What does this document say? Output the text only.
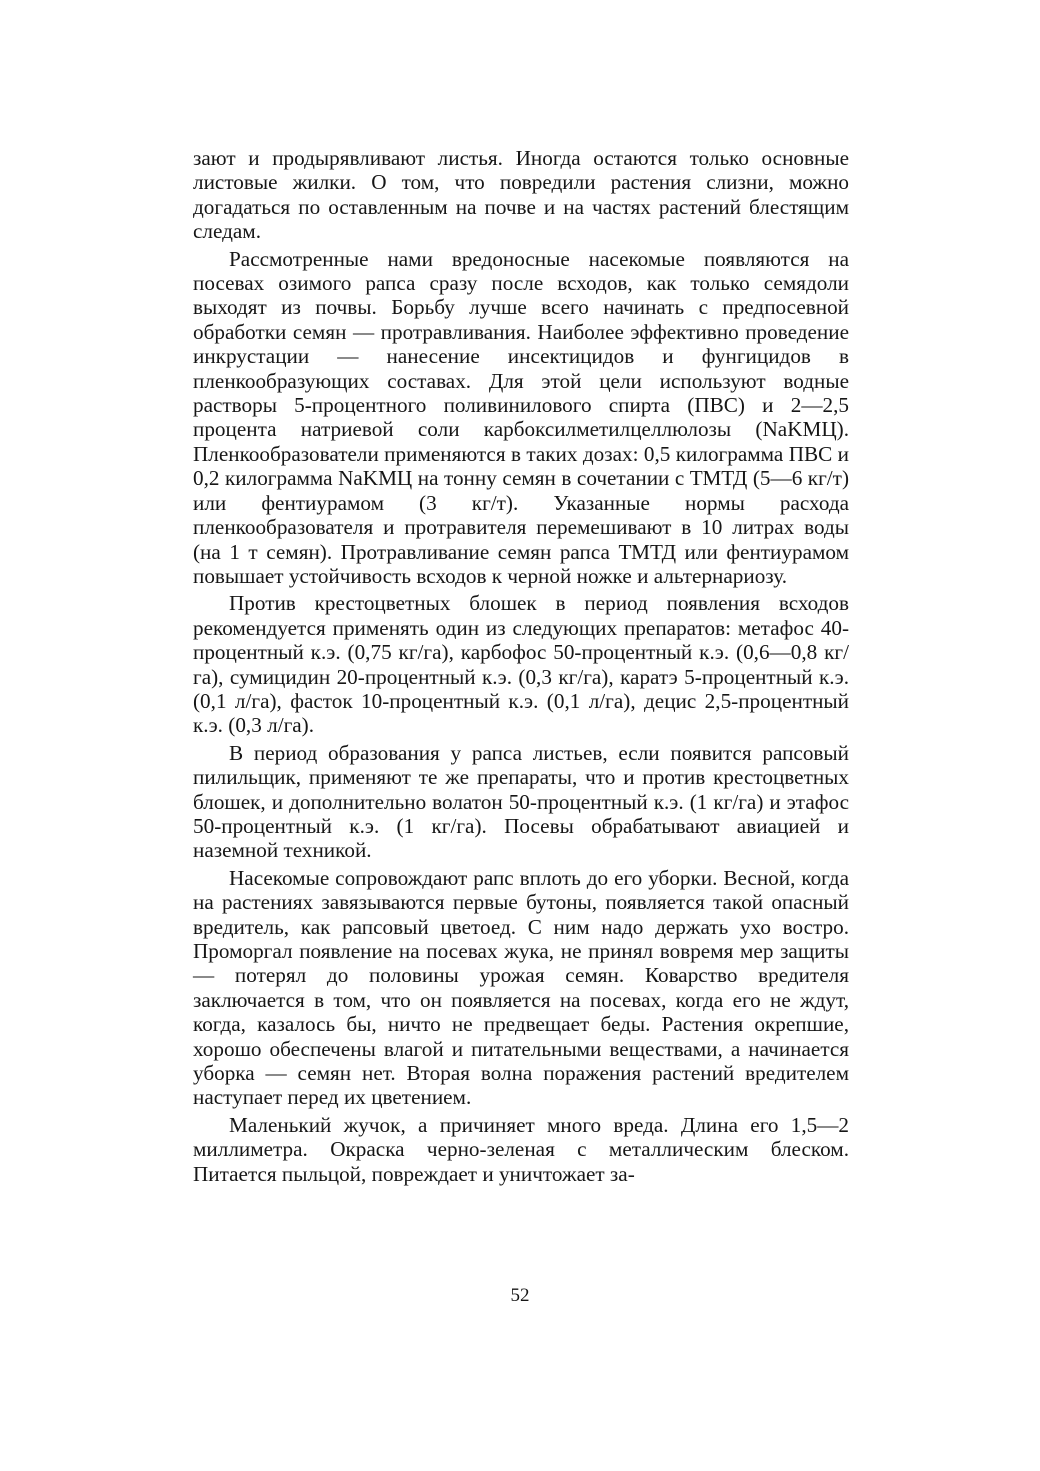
зают и продырявливают листья. Иногда остаются только основные листовые жилки. О том, что повредили растения слизни, можно догадаться по оставленным на почве и на частях растений блестящим следам.

Рассмотренные нами вредоносные насекомые появляются на посевах озимого рапса сразу после всходов, как только семядоли выходят из почвы. Борьбу лучше всего начинать с предпосевной обработки семян — протравливания. Наиболее эффективно проведение инкрустации — нанесение инсектицидов и фунгицидов в пленкообразующих составах. Для этой цели используют водные растворы 5-процентного поливинилового спирта (ПВС) и 2—2,5 процента натриевой соли карбоксилметилцеллюлозы (NaKMЦ). Пленкообразователи применяются в таких дозах: 0,5 килограмма ПВС и 0,2 килограмма NaKMЦ на тонну семян в сочетании с ТМТД (5—6 кг/т) или фентиурамом (3 кг/т). Указанные нормы расхода пленкообразователя и протравителя перемешивают в 10 литрах воды (на 1 т семян). Протравливание семян рапса ТМТД или фентиурамом повышает устойчивость всходов к черной ножке и альтернариозу.

Против крестоцветных блошек в период появления всходов рекомендуется применять один из следующих препаратов: метафос 40-процентный к.э. (0,75 кг/га), карбофос 50-процентный к.э. (0,6—0,8 кг/га), сумицидин 20-процентный к.э. (0,3 кг/га), каратэ 5-процентный к.э. (0,1 л/га), фасток 10-процентный к.э. (0,1 л/га), децис 2,5-процентный к.э. (0,3 л/га).

В период образования у рапса листьев, если появится рапсовый пилильщик, применяют те же препараты, что и против крестоцветных блошек, и дополнительно волатон 50-процентный к.э. (1 кг/га) и этафос 50-процентный к.э. (1 кг/га). Посевы обрабатывают авиацией и наземной техникой.

Насекомые сопровождают рапс вплоть до его уборки. Весной, когда на растениях завязываются первые бутоны, появляется такой опасный вредитель, как рапсовый цветоед. С ним надо держать ухо востро. Проморгал появление на посевах жука, не принял вовремя мер защиты — потерял до половины урожая семян. Коварство вредителя заключается в том, что он появляется на посевах, когда его не ждут, когда, казалось бы, ничто не предвещает беды. Растения окрепшие, хорошо обеспечены влагой и питательными веществами, а начинается уборка — семян нет. Вторая волна поражения растений вредителем наступает перед их цветением.

Маленький жучок, а причиняет много вреда. Длина его 1,5—2 миллиметра. Окраска черно-зеленая с металлическим блеском. Питается пыльцой, повреждает и уничтожает за-

52
